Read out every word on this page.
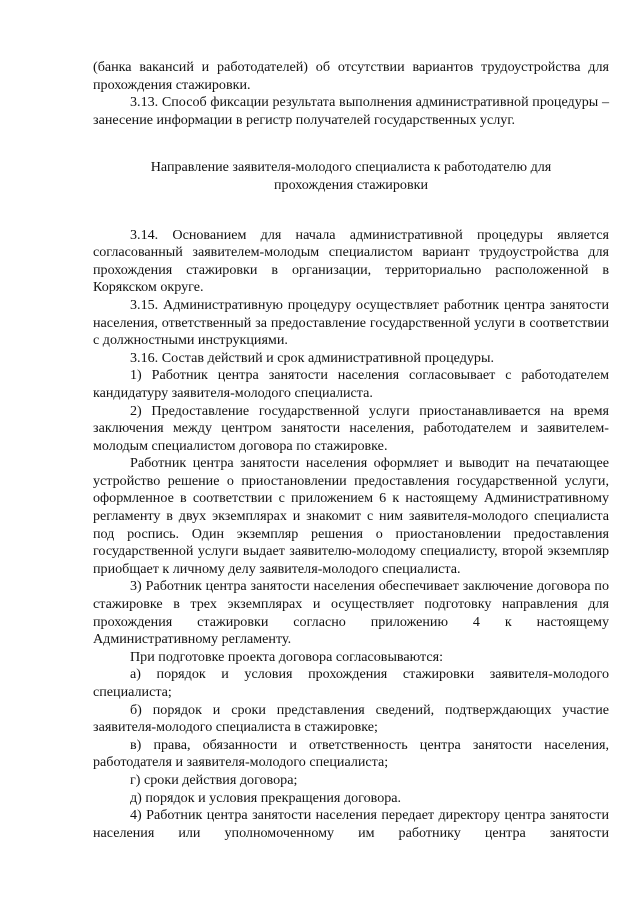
(банка вакансий и работодателей) об отсутствии вариантов трудоустройства для прохождения стажировки.

3.13. Способ фиксации результата выполнения административной процедуры – занесение информации в регистр получателей государственных услуг.

Направление заявителя-молодого специалиста к работодателю для прохождения стажировки

3.14. Основанием для начала административной процедуры является согласованный заявителем-молодым специалистом вариант трудоустройства для прохождения стажировки в организации, территориально расположенной в Корякском округе.

3.15. Административную процедуру осуществляет работник центра занятости населения, ответственный за предоставление государственной услуги в соответствии с должностными инструкциями.

3.16. Состав действий и срок административной процедуры.

1) Работник центра занятости населения согласовывает с работодателем кандидатуру заявителя-молодого специалиста.

2) Предоставление государственной услуги приостанавливается на время заключения между центром занятости населения, работодателем и заявителем-молодым специалистом договора по стажировке.

Работник центра занятости населения оформляет и выводит на печатающее устройство решение о приостановлении предоставления государственной услуги, оформленное в соответствии с приложением 6 к настоящему Административному регламенту в двух экземплярах и знакомит с ним заявителя-молодого специалиста под роспись. Один экземпляр решения о приостановлении предоставления государственной услуги выдает заявителю-молодому специалисту, второй экземпляр приобщает к личному делу заявителя-молодого специалиста.

3) Работник центра занятости населения обеспечивает заключение договора по стажировке в трех экземплярах и осуществляет подготовку направления для прохождения стажировки согласно приложению 4 к настоящему Административному регламенту.

При подготовке проекта договора согласовываются:

а) порядок и условия прохождения стажировки заявителя-молодого специалиста;

б) порядок и сроки представления сведений, подтверждающих участие заявителя-молодого специалиста в стажировке;

в) права, обязанности и ответственность центра занятости населения, работодателя и заявителя-молодого специалиста;

г) сроки действия договора;

д) порядок и условия прекращения договора.

4) Работник центра занятости населения передает директору центра занятости населения или уполномоченному им работнику центра занятости
